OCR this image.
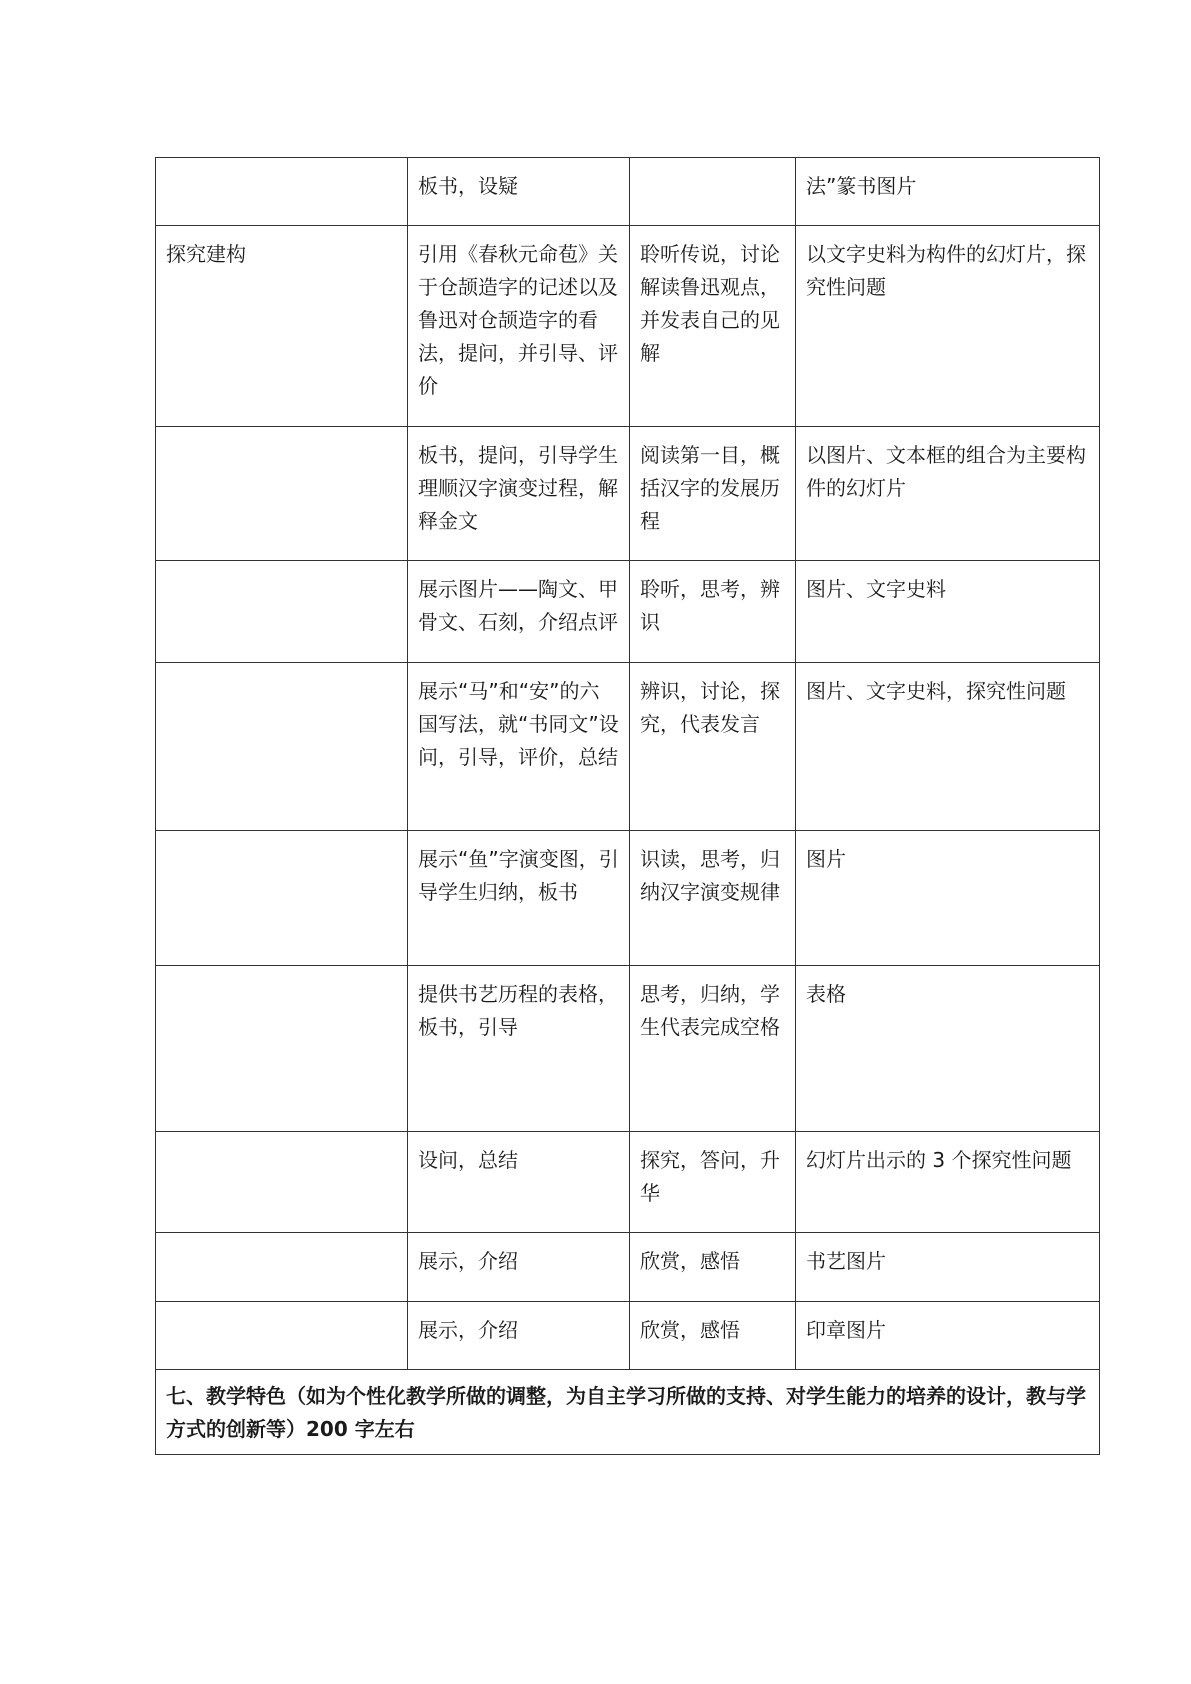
	板书，设疑		法”篆书图片
探究建构	引用《春秋元命苞》关于仓颉造字的记述以及鲁迅对仓颉造字的看法，提问，并引导、评价	聆听传说，讨论解读鲁迅观点，并发表自己的见解	以文字史料为构件的幻灯片，探究性问题
	板书，提问，引导学生理顺汉字演变过程，解释金文	阅读第一目，概括汉字的发展历程	以图片、文本框的组合为主要构件的幻灯片
	展示图片——陶文、甲骨文、石刻，介绍点评	聆听，思考，辨识	图片、文字史料
	展示“马”和“安”的六国写法，就“书同文”设问，引导，评价，总结	辨识，讨论，探究，代表发言	图片、文字史料，探究性问题
	展示“鱼”字演变图，引导学生归纳，板书	识读，思考，归纳汉字演变规律	图片
	提供书艺历程的表格，板书，引导	思考，归纳，学生代表完成空格	表格
	设问，总结	探究，答问，升华	幻灯片出示的 3 个探究性问题
	展示，介绍	欣赏，感悟	书艺图片
	展示，介绍	欣赏，感悟	印章图片
七、教学特色（如为个性化教学所做的调整，为自主学习所做的支持、对学生能力的培养的设计，教与学方式的创新等）200 字左右			
